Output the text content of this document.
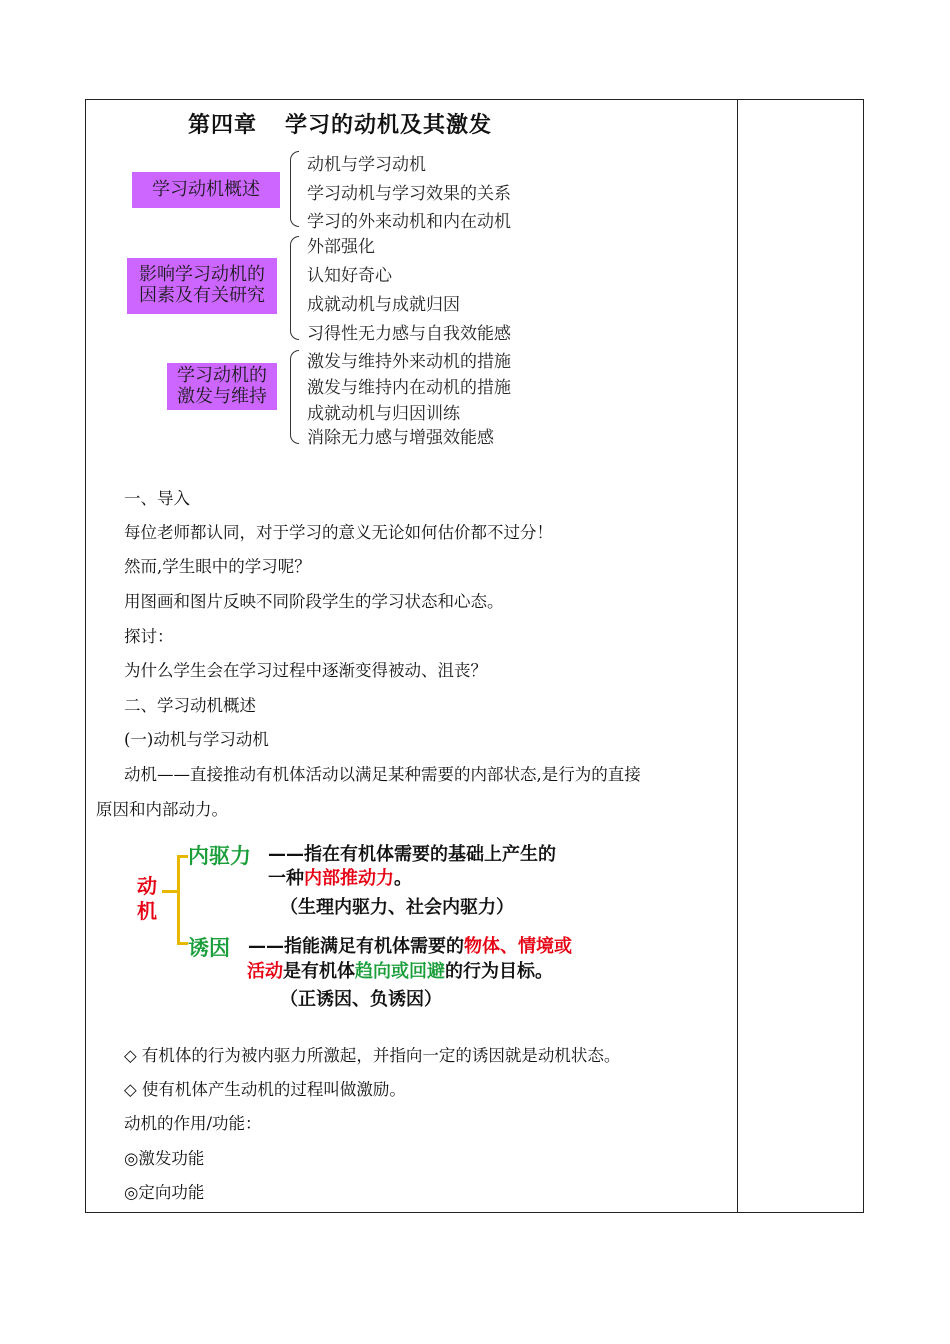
第四章 学习的动机及其激发
学习动机概述
动机与学习动机
学习动机与学习效果的关系
学习的外来动机和内在动机
影响学习动机的
因素及有关研究
外部强化
认知好奇心
成就动机与成就归因
习得性无力感与自我效能感
学习动机的
激发与维持
激发与维持外来动机的措施
激发与维持内在动机的措施
成就动机与归因训练
消除无力感与增强效能感
一、导入
每位老师都认同，对于学习的意义无论如何估价都不过分！
然而,学生眼中的学习呢？
用图画和图片反映不同阶段学生的学习状态和心态。
探讨：
为什么学生会在学习过程中逐渐变得被动、沮丧？
二、学习动机概述
(一)动机与学习动机
动机——直接推动有机体活动以满足某种需要的内部状态,是行为的直接
原因和内部动力。
动
机
内驱力 ——指在有机体需要的基础上产生的
一种内部推动力。
（生理内驱力、社会内驱力）
诱因 ——指能满足有机体需要的物体、情境或
活动是有机体趋向或回避的行为目标。
（正诱因、负诱因）
◇ 有机体的行为被内驱力所激起，并指向一定的诱因就是动机状态。
◇ 使有机体产生动机的过程叫做激励。
动机的作用/功能：
◎激发功能
◎定向功能
